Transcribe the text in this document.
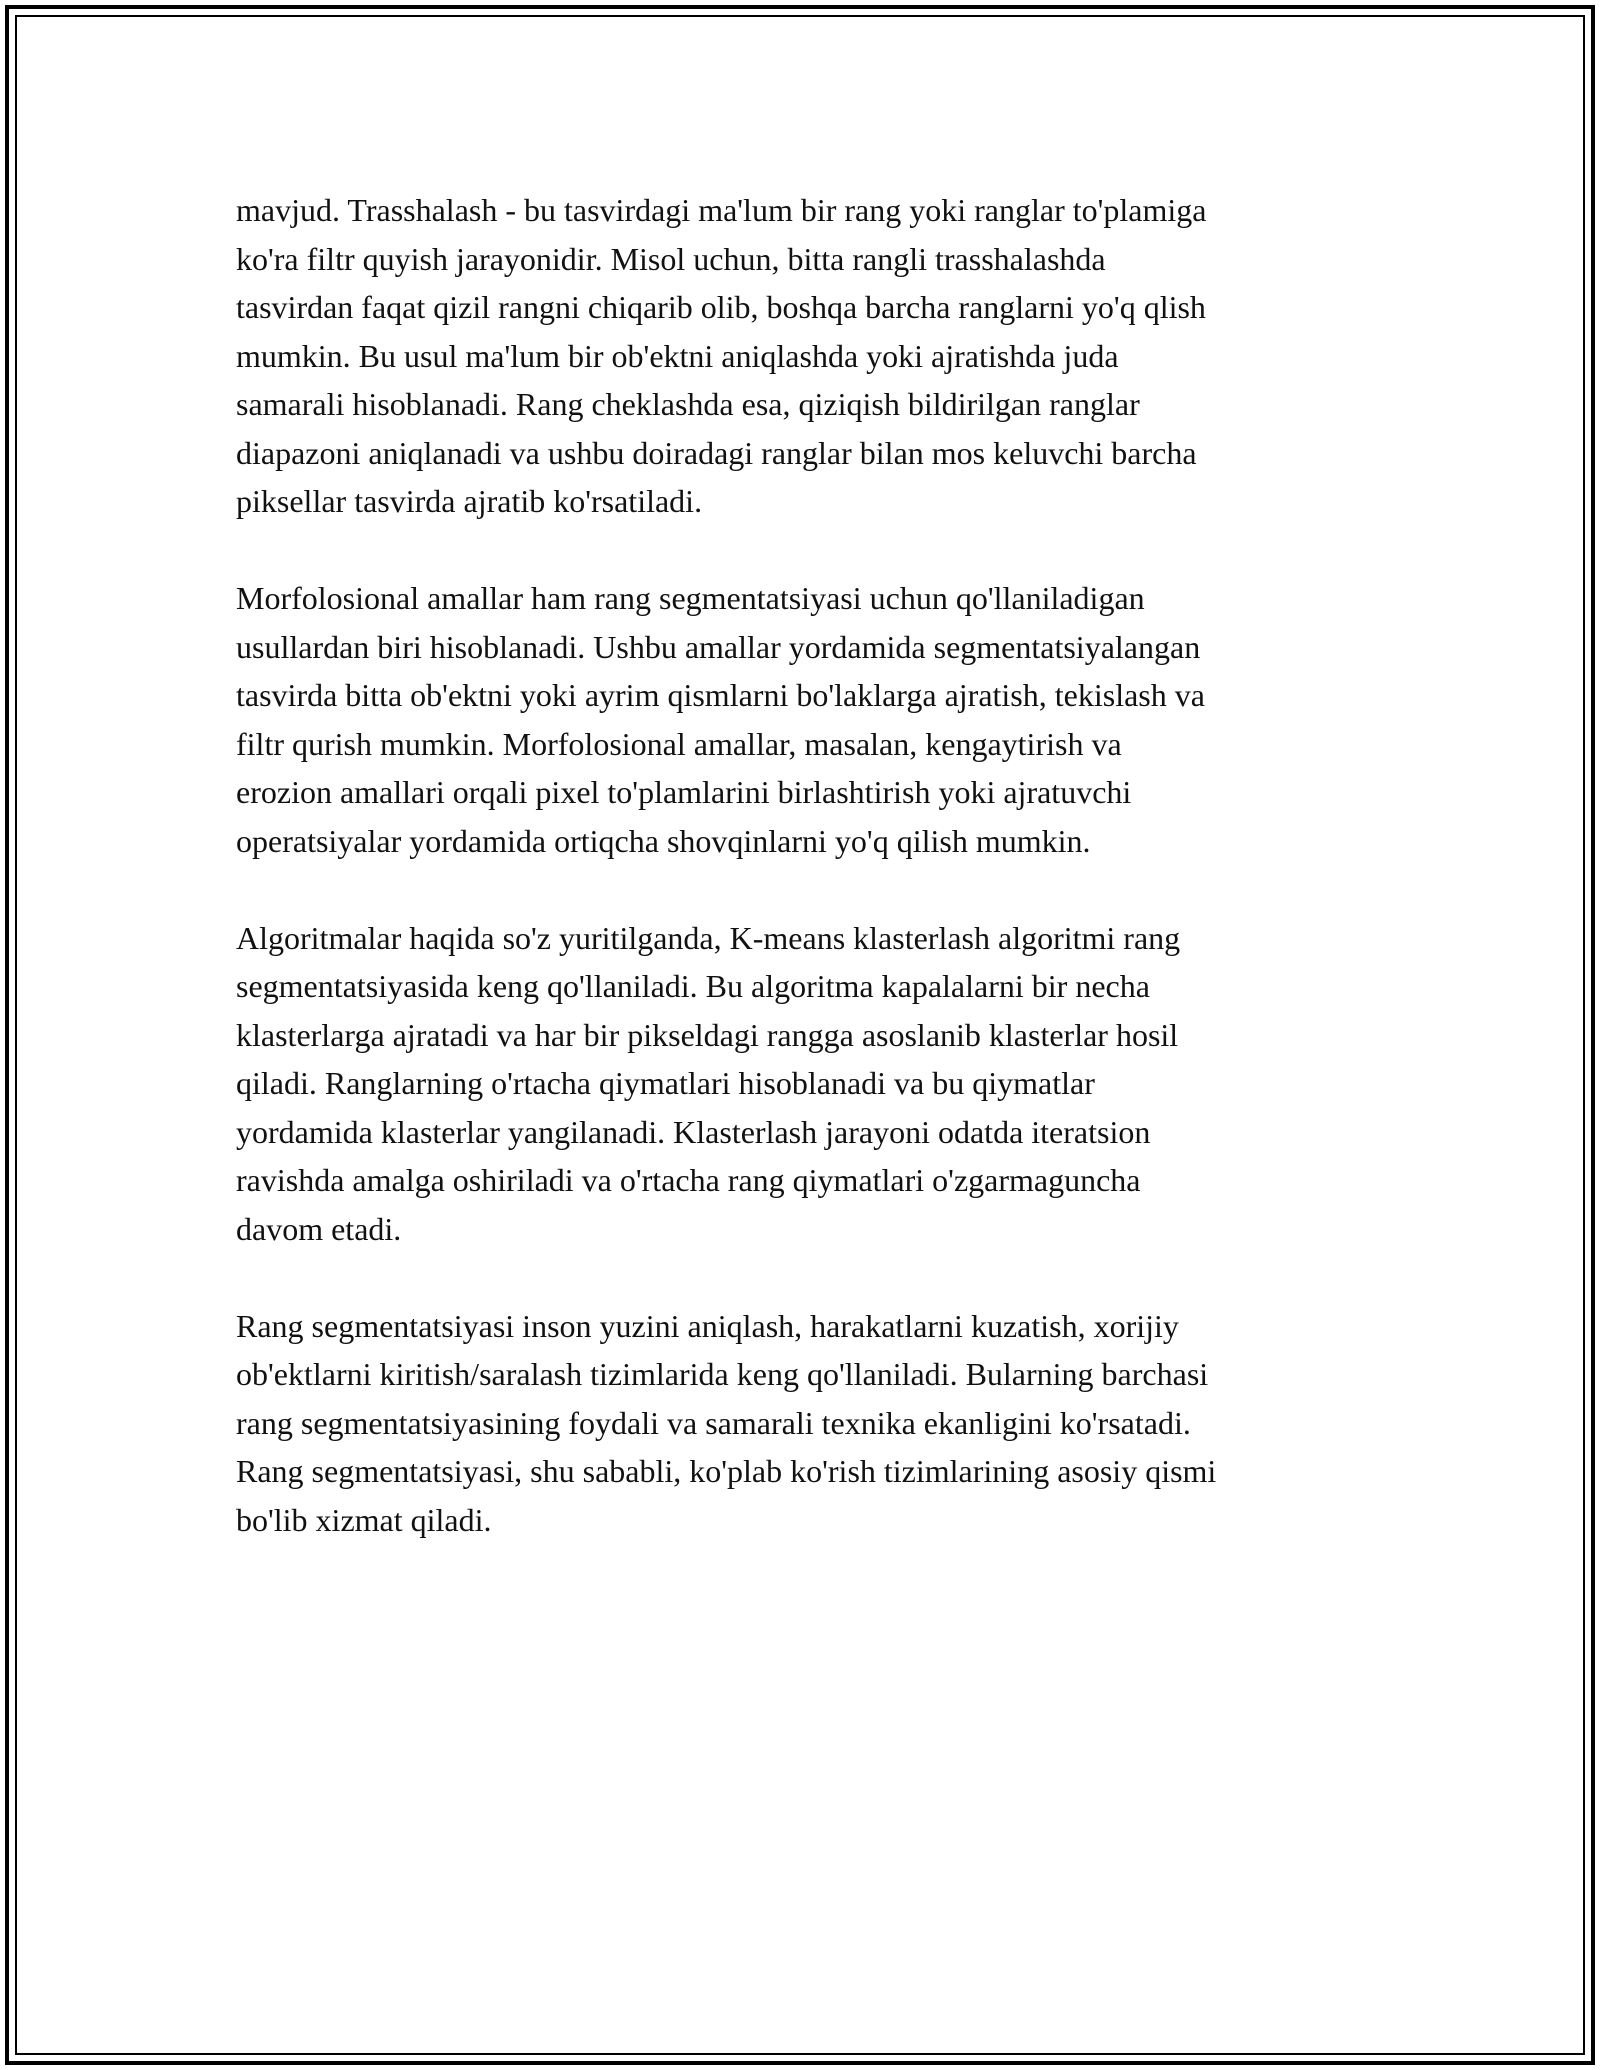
mavjud. Trasshalash - bu tasvirdagi ma'lum bir rang yoki ranglar to'plamiga
ko'ra filtr quyish jarayonidir. Misol uchun, bitta rangli trasshalashda
tasvirdan faqat qizil rangni chiqarib olib, boshqa barcha ranglarni yo'q qlish
mumkin. Bu usul ma'lum bir ob'ektni aniqlashda yoki ajratishda juda
samarali hisoblanadi. Rang cheklashda esa, qiziqish bildirilgan ranglar
diapazoni aniqlanadi va ushbu doiradagi ranglar bilan mos keluvchi barcha
piksellar tasvirda ajratib ko'rsatiladi.

Morfolosional amallar ham rang segmentatsiyasi uchun qo'llaniladigan
usullardan biri hisoblanadi. Ushbu amallar yordamida segmentatsiyalangan
tasvirda bitta ob'ektni yoki ayrim qismlarni bo'laklarga ajratish, tekislash va
filtr qurish mumkin. Morfolosional amallar, masalan, kengaytirish va
erozion amallari orqali pixel to'plamlarini birlashtirish yoki ajratuvchi
operatsiyalar yordamida ortiqcha shovqinlarni yo'q qilish mumkin.

Algoritmalar haqida so'z yuritilganda, K-means klasterlash algoritmi rang
segmentatsiyasida keng qo'llaniladi. Bu algoritma kapalalarni bir necha
klasterlarga ajratadi va har bir pikseldagi rangga asoslanib klasterlar hosil
qiladi. Ranglarning o'rtacha qiymatlari hisoblanadi va bu qiymatlar
yordamida klasterlar yangilanadi. Klasterlash jarayoni odatda iteratsion
ravishda amalga oshiriladi va o'rtacha rang qiymatlari o'zgarmaguncha
davom etadi.

Rang segmentatsiyasi inson yuzini aniqlash, harakatlarni kuzatish, xorijiy
ob'ektlarni kiritish/saralash tizimlarida keng qo'llaniladi. Bularning barchasi
rang segmentatsiyasining foydali va samarali texnika ekanligini ko'rsatadi.
Rang segmentatsiyasi, shu sababli, ko'plab ko'rish tizimlarining asosiy qismi
bo'lib xizmat qiladi.
